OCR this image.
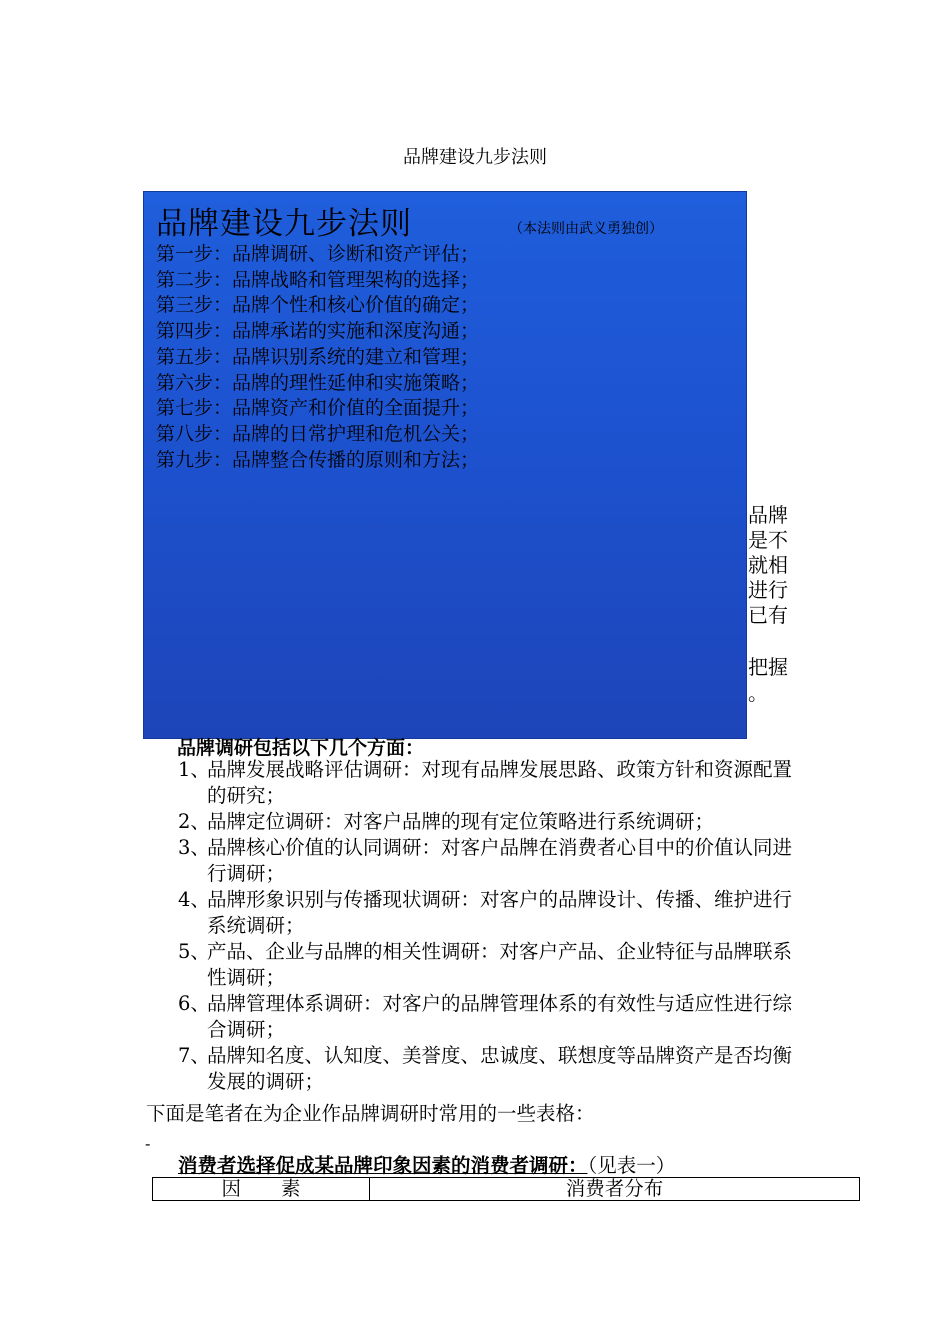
品牌建设九步法则
品牌建设九步法则	（本法则由武义勇独创）
第一步：品牌调研、诊断和资产评估；
第二步：品牌战略和管理架构的选择；
第三步：品牌个性和核心价值的确定；
第四步：品牌承诺的实施和深度沟通；
第五步：品牌识别系统的建立和管理；
第六步：品牌的理性延伸和实施策略；
第七步：品牌资产和价值的全面提升；
第八步：品牌的日常护理和危机公关；
第九步：品牌整合传播的原则和方法；
品牌
是不
就相
进行
已有
把握
。
品牌调研包括以下几个方面：
1、
品牌发展战略评估调研：对现有品牌发展思路、政策方针和资源配置的研究；
2、
品牌定位调研：对客户品牌的现有定位策略进行系统调研；
3、
品牌核心价值的认同调研：对客户品牌在消费者心目中的价值认同进行调研；
4、
品牌形象识别与传播现状调研：对客户的品牌设计、传播、维护进行系统调研；
5、
产品、企业与品牌的相关性调研：对客户产品、企业特征与品牌联系性调研；
6、
品牌管理体系调研：对客户的品牌管理体系的有效性与适应性进行综合调研；
7、
品牌知名度、认知度、美誉度、忠诚度、联想度等品牌资产是否均衡发展的调研；
下面是笔者在为企业作品牌调研时常用的一些表格：
-
消费者选择促成某品牌印象因素的消费者调研：（见表一）
因素	消费者分布
